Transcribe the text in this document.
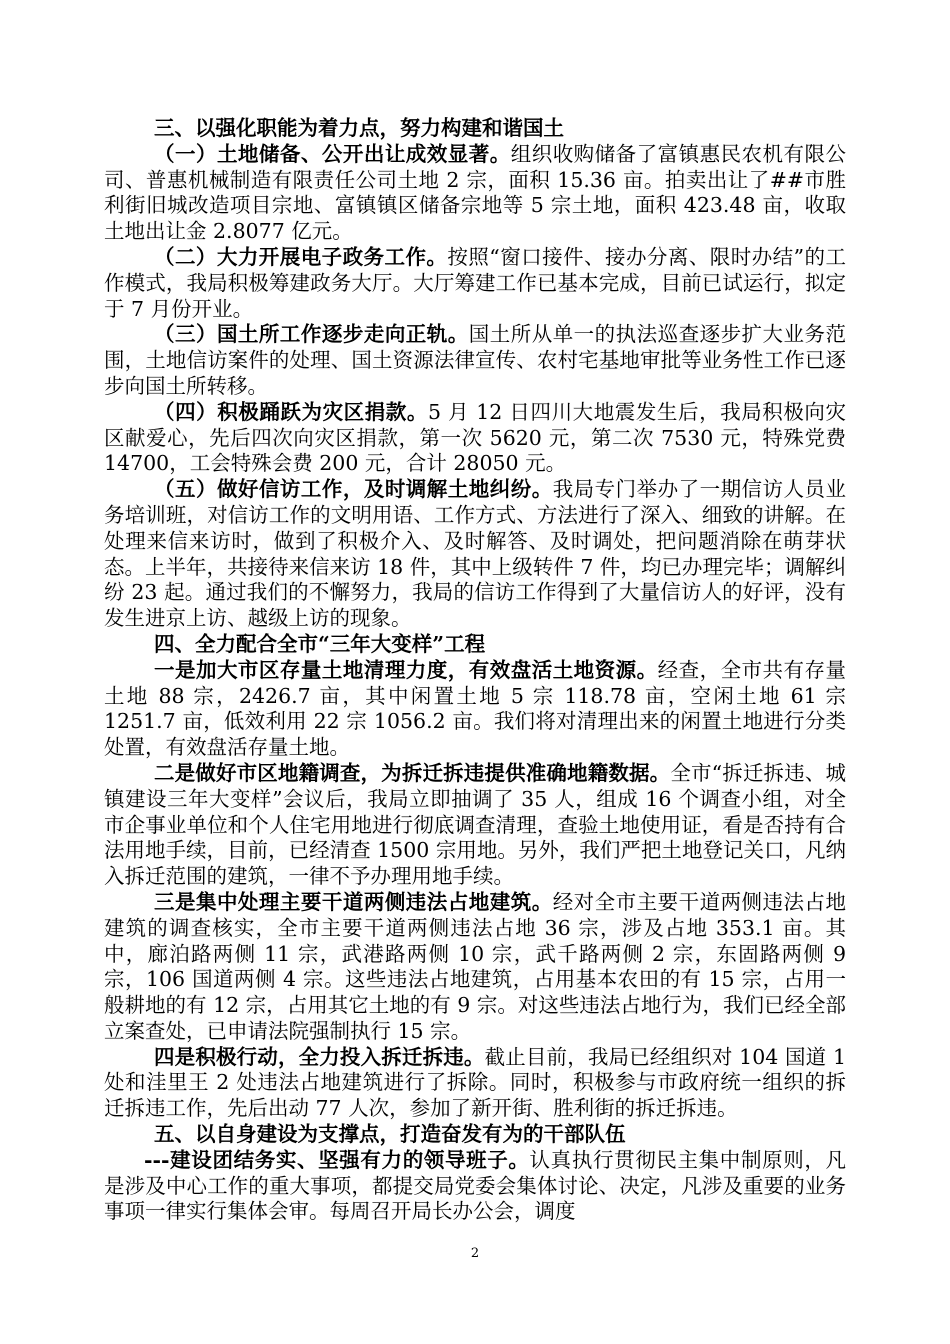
三、以强化职能为着力点，努力构建和谐国土

（一）土地储备、公开出让成效显著。组织收购储备了富镇惠民农机有限公司、普惠机械制造有限责任公司土地 2 宗，面积 15.36 亩。拍卖出让了##市胜利街旧城改造项目宗地、富镇镇区储备宗地等 5 宗土地，面积 423.48 亩，收取土地出让金 2.8077 亿元。

（二）大力开展电子政务工作。按照“窗口接件、接办分离、限时办结”的工作模式，我局积极筹建政务大厅。大厅筹建工作已基本完成，目前已试运行，拟定于 7 月份开业。

（三）国土所工作逐步走向正轨。国土所从单一的执法巡查逐步扩大业务范围，土地信访案件的处理、国土资源法律宣传、农村宅基地审批等业务性工作已逐步向国土所转移。

（四）积极踊跃为灾区捐款。5 月 12 日四川大地震发生后，我局积极向灾区献爱心，先后四次向灾区捐款，第一次 5620 元，第二次 7530 元，特殊党费 14700，工会特殊会费 200 元，合计 28050 元。

（五）做好信访工作，及时调解土地纠纷。我局专门举办了一期信访人员业务培训班，对信访工作的文明用语、工作方式、方法进行了深入、细致的讲解。在处理来信来访时，做到了积极介入、及时解答、及时调处，把问题消除在萌芽状态。上半年，共接待来信来访 18 件，其中上级转件 7 件，均已办理完毕；调解纠纷 23 起。通过我们的不懈努力，我局的信访工作得到了大量信访人的好评，没有发生进京上访、越级上访的现象。

四、全力配合全市“三年大变样”工程

一是加大市区存量土地清理力度，有效盘活土地资源。经查，全市共有存量土地 88 宗，2426.7 亩，其中闲置土地 5 宗 118.78 亩，空闲土地 61 宗 1251.7 亩，低效利用 22 宗 1056.2 亩。我们将对清理出来的闲置土地进行分类处置，有效盘活存量土地。

二是做好市区地籍调查，为拆迁拆违提供准确地籍数据。全市“拆迁拆违、城镇建设三年大变样”会议后，我局立即抽调了 35 人，组成 16 个调查小组，对全市企事业单位和个人住宅用地进行彻底调查清理，查验土地使用证，看是否持有合法用地手续，目前，已经清查 1500 宗用地。另外，我们严把土地登记关口，凡纳入拆迁范围的建筑，一律不予办理用地手续。

三是集中处理主要干道两侧违法占地建筑。经对全市主要干道两侧违法占地建筑的调查核实，全市主要干道两侧违法占地 36 宗，涉及占地 353.1 亩。其中，廊泊路两侧 11 宗，武港路两侧 10 宗，武千路两侧 2 宗，东固路两侧 9 宗，106 国道两侧 4 宗。这些违法占地建筑，占用基本农田的有 15 宗，占用一般耕地的有 12 宗，占用其它土地的有 9 宗。对这些违法占地行为，我们已经全部立案查处，已申请法院强制执行 15 宗。

四是积极行动，全力投入拆迁拆违。截止目前，我局已经组织对 104 国道 1 处和洼里王 2 处违法占地建筑进行了拆除。同时，积极参与市政府统一组织的拆迁拆违工作，先后出动 77 人次，参加了新开街、胜利街的拆迁拆违。

五、以自身建设为支撑点，打造奋发有为的干部队伍

---建设团结务实、坚强有力的领导班子。认真执行贯彻民主集中制原则，凡是涉及中心工作的重大事项，都提交局党委会集体讨论、决定，凡涉及重要的业务事项一律实行集体会审。每周召开局长办公会，调度

2
